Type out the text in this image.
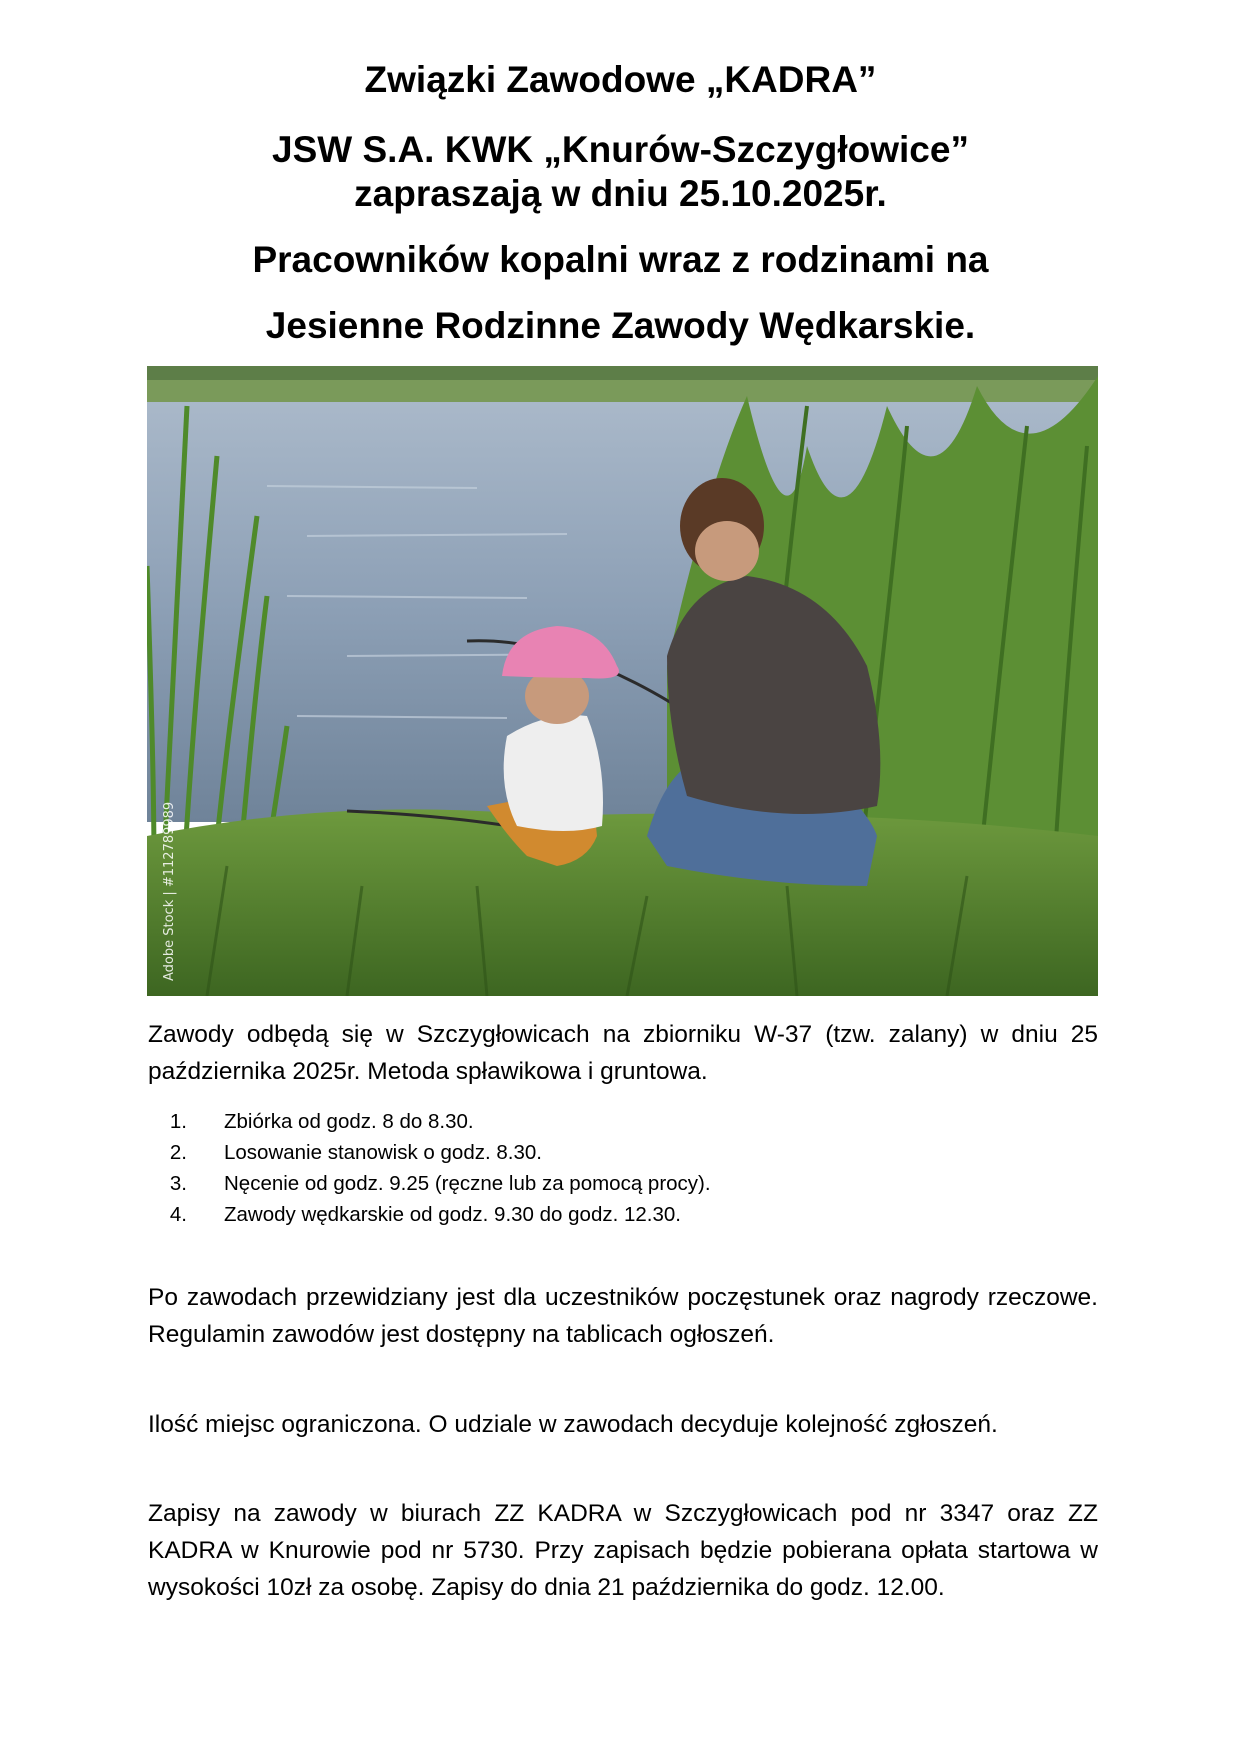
Związki Zawodowe „KADRA”
JSW S.A. KWK „Knurów-Szczygłowice”
zapraszają w dniu 25.10.2025r.
Pracowników kopalni wraz z rodzinami na
Jesienne Rodzinne Zawody Wędkarskie.
Adobe Stock | #112789989
Zawody odbędą się w Szczygłowicach na zbiorniku W-37 (tzw. zalany) w dniu 25 października 2025r. Metoda spławikowa i gruntowa.
1. Zbiórka od godz. 8 do 8.30.
2. Losowanie stanowisk o godz. 8.30.
3. Nęcenie od godz. 9.25 (ręczne lub za pomocą procy).
4. Zawody wędkarskie od godz. 9.30 do godz. 12.30.
Po zawodach przewidziany jest dla uczestników poczęstunek oraz nagrody rzeczowe. Regulamin zawodów jest dostępny na tablicach ogłoszeń.
Ilość miejsc ograniczona. O udziale w zawodach decyduje kolejność zgłoszeń.
Zapisy na zawody w biurach ZZ KADRA w Szczygłowicach pod nr 3347 oraz ZZ KADRA w Knurowie pod nr 5730. Przy zapisach będzie pobierana opłata startowa w wysokości 10zł za osobę. Zapisy do dnia 21 października do godz. 12.00.
